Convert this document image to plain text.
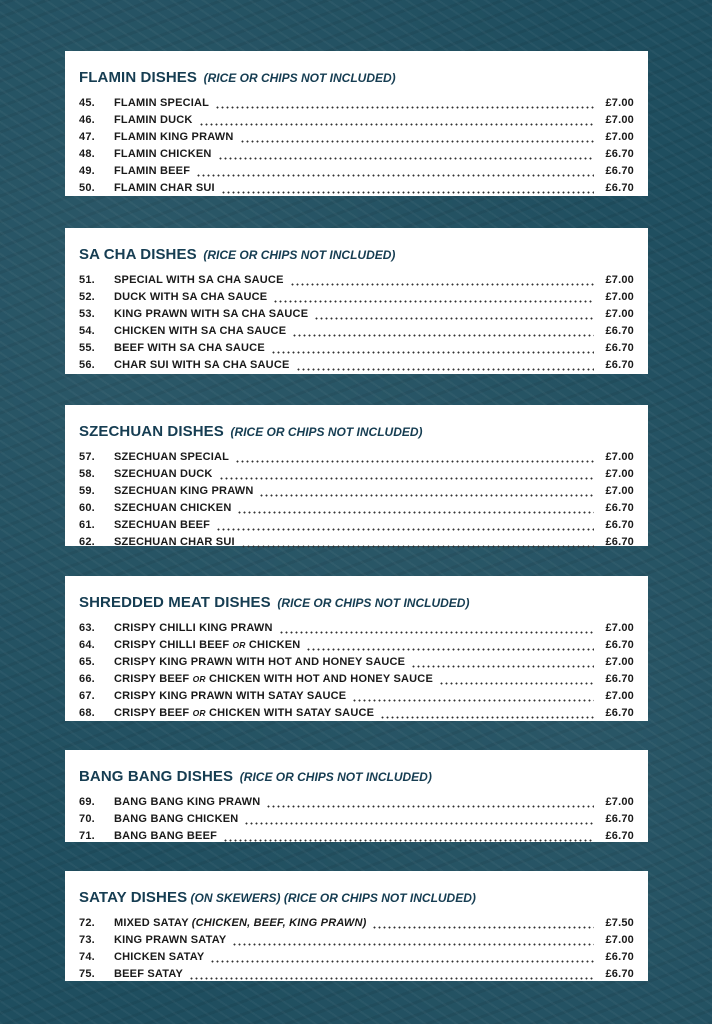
FLAMIN DISHES (RICE OR CHIPS NOT INCLUDED)
45.	FLAMIN SPECIAL	£7.00
46.	FLAMIN DUCK	£7.00
47.	FLAMIN KING PRAWN	£7.00
48.	FLAMIN CHICKEN	£6.70
49.	FLAMIN BEEF	£6.70
50.	FLAMIN CHAR SUI	£6.70
SA CHA DISHES (RICE OR CHIPS NOT INCLUDED)
51.	SPECIAL WITH SA CHA SAUCE	£7.00
52.	DUCK WITH SA CHA SAUCE	£7.00
53.	KING PRAWN WITH SA CHA SAUCE	£7.00
54.	CHICKEN WITH SA CHA SAUCE	£6.70
55.	BEEF WITH SA CHA SAUCE	£6.70
56.	CHAR SUI WITH SA CHA SAUCE	£6.70
SZECHUAN DISHES (RICE OR CHIPS NOT INCLUDED)
57.	SZECHUAN SPECIAL	£7.00
58.	SZECHUAN DUCK	£7.00
59.	SZECHUAN KING PRAWN	£7.00
60.	SZECHUAN CHICKEN	£6.70
61.	SZECHUAN BEEF	£6.70
62.	SZECHUAN CHAR SUI	£6.70
SHREDDED MEAT DISHES (RICE OR CHIPS NOT INCLUDED)
63.	CRISPY CHILLI KING PRAWN	£7.00
64.	CRISPY CHILLI BEEF OR CHICKEN	£6.70
65.	CRISPY KING PRAWN WITH HOT AND HONEY SAUCE	£7.00
66.	CRISPY BEEF OR CHICKEN WITH HOT AND HONEY SAUCE	£6.70
67.	CRISPY KING PRAWN WITH SATAY SAUCE	£7.00
68.	CRISPY BEEF OR CHICKEN WITH SATAY SAUCE	£6.70
BANG BANG DISHES (RICE OR CHIPS NOT INCLUDED)
69.	BANG BANG KING PRAWN	£7.00
70.	BANG BANG CHICKEN	£6.70
71.	BANG BANG BEEF	£6.70
SATAY DISHES (ON SKEWERS) (RICE OR CHIPS NOT INCLUDED)
72.	MIXED SATAY (CHICKEN, BEEF, KING PRAWN)	£7.50
73.	KING PRAWN SATAY	£7.00
74.	CHICKEN SATAY	£6.70
75.	BEEF SATAY	£6.70
